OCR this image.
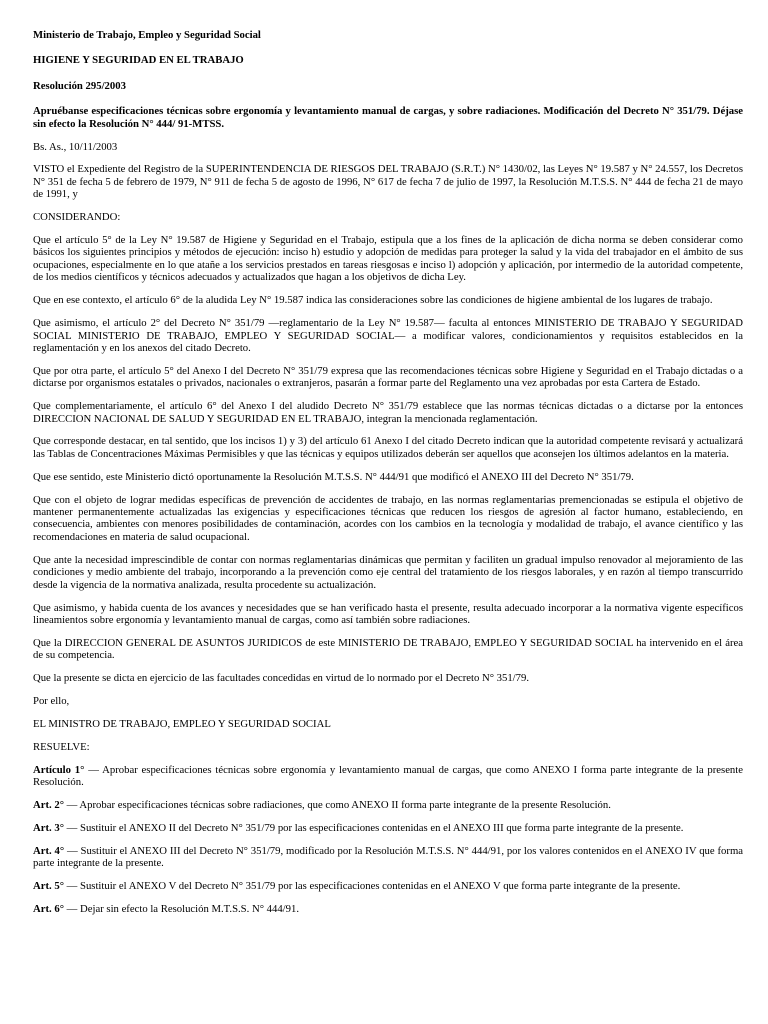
Ministerio de Trabajo, Empleo y Seguridad Social

HIGIENE Y SEGURIDAD EN EL TRABAJO

Resolución 295/2003

Apruébanse especificaciones técnicas sobre ergonomía y levantamiento manual de cargas, y sobre radiaciones. Modificación del Decreto N° 351/79. Déjase sin efecto la Resolución N° 444/ 91-MTSS.

Bs. As., 10/11/2003

VISTO el Expediente del Registro de la SUPERINTENDENCIA DE RIESGOS DEL TRABAJO (S.R.T.) N° 1430/02, las Leyes N° 19.587 y N° 24.557, los Decretos N° 351 de fecha 5 de febrero de 1979, N° 911 de fecha 5 de agosto de 1996, N° 617 de fecha 7 de julio de 1997, la Resolución M.T.S.S. N° 444 de fecha 21 de mayo de 1991, y

CONSIDERANDO:

Que el artículo 5° de la Ley N° 19.587 de Higiene y Seguridad en el Trabajo, estipula que a los fines de la aplicación de dicha norma se deben considerar como básicos los siguientes principios y métodos de ejecución: inciso h) estudio y adopción de medidas para proteger la salud y la vida del trabajador en el ámbito de sus ocupaciones, especialmente en lo que atañe a los servicios prestados en tareas riesgosas e inciso l) adopción y aplicación, por intermedio de la autoridad competente, de los medios científicos y técnicos adecuados y actualizados que hagan a los objetivos de dicha Ley.

Que en ese contexto, el artículo 6° de la aludida Ley N° 19.587 indica las consideraciones sobre las condiciones de higiene ambiental de los lugares de trabajo.

Que asimismo, el artículo 2° del Decreto N° 351/79 —reglamentario de la Ley N° 19.587— faculta al entonces MINISTERIO DE TRABAJO Y SEGURIDAD SOCIAL MINISTERIO DE TRABAJO, EMPLEO Y SEGURIDAD SOCIAL— a modificar valores, condicionamientos y requisitos establecidos en la reglamentación y en los anexos del citado Decreto.

Que por otra parte, el artículo 5° del Anexo I del Decreto N° 351/79 expresa que las recomendaciones técnicas sobre Higiene y Seguridad en el Trabajo dictadas o a dictarse por organismos estatales o privados, nacionales o extranjeros, pasarán a formar parte del Reglamento una vez aprobadas por esta Cartera de Estado.

Que complementariamente, el artículo 6° del Anexo I del aludido Decreto N° 351/79 establece que las normas técnicas dictadas o a dictarse por la entonces DIRECCION NACIONAL DE SALUD Y SEGURIDAD EN EL TRABAJO, integran la mencionada reglamentación.

Que corresponde destacar, en tal sentido, que los incisos 1) y 3) del artículo 61 Anexo I del citado Decreto indican que la autoridad competente revisará y actualizará las Tablas de Concentraciones Máximas Permisibles y que las técnicas y equipos utilizados deberán ser aquellos que aconsejen los últimos adelantos en la materia.

Que ese sentido, este Ministerio dictó oportunamente la Resolución M.T.S.S. N° 444/91 que modificó el ANEXO III del Decreto N° 351/79.

Que con el objeto de lograr medidas específicas de prevención de accidentes de trabajo, en las normas reglamentarias premencionadas se estipula el objetivo de mantener permanentemente actualizadas las exigencias y especificaciones técnicas que reducen los riesgos de agresión al factor humano, estableciendo, en consecuencia, ambientes con menores posibilidades de contaminación, acordes con los cambios en la tecnología y modalidad de trabajo, el avance científico y las recomendaciones en materia de salud ocupacional.

Que ante la necesidad imprescindible de contar con normas reglamentarias dinámicas que permitan y faciliten un gradual impulso renovador al mejoramiento de las condiciones y medio ambiente del trabajo, incorporando a la prevención como eje central del tratamiento de los riesgos laborales, y en razón al tiempo transcurrido desde la vigencia de la normativa analizada, resulta procedente su actualización.

Que asimismo, y habida cuenta de los avances y necesidades que se han verificado hasta el presente, resulta adecuado incorporar a la normativa vigente específicos lineamientos sobre ergonomía y levantamiento manual de cargas, como así también sobre radiaciones.

Que la DIRECCION GENERAL DE ASUNTOS JURIDICOS de este MINISTERIO DE TRABAJO, EMPLEO Y SEGURIDAD SOCIAL ha intervenido en el área de su competencia.

Que la presente se dicta en ejercicio de las facultades concedidas en virtud de lo normado por el Decreto N° 351/79.

Por ello,

EL MINISTRO DE TRABAJO, EMPLEO Y SEGURIDAD SOCIAL

RESUELVE:

Artículo 1° — Aprobar especificaciones técnicas sobre ergonomía y levantamiento manual de cargas, que como ANEXO I forma parte integrante de la presente Resolución.

Art. 2° — Aprobar especificaciones técnicas sobre radiaciones, que como ANEXO II forma parte integrante de la presente Resolución.

Art. 3° — Sustituir el ANEXO II del Decreto N° 351/79 por las especificaciones contenidas en el ANEXO III que forma parte integrante de la presente.

Art. 4° — Sustituir el ANEXO III del Decreto N° 351/79, modificado por la Resolución M.T.S.S. N° 444/91, por los valores contenidos en el ANEXO IV que forma parte integrante de la presente.

Art. 5° — Sustituir el ANEXO V del Decreto N° 351/79 por las especificaciones contenidas en el ANEXO V que forma parte integrante de la presente.

Art. 6° — Dejar sin efecto la Resolución M.T.S.S. N° 444/91.
